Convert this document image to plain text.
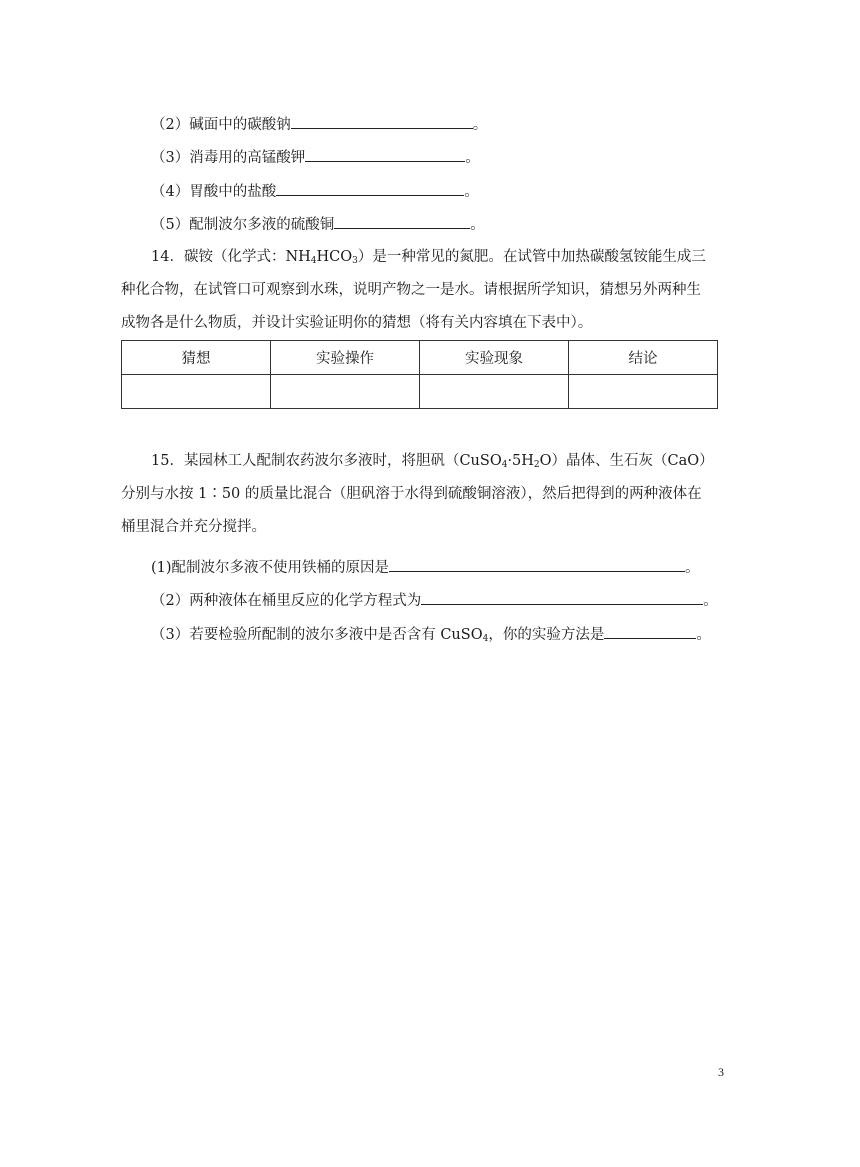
（2）碱面中的碳酸钠	。
（3）消毒用的高锰酸钾	。
（4）胃酸中的盐酸	。
（5）配制波尔多液的硫酸铜	。
14．碳铵（化学式：$NH_4HCO_3$）是一种常见的氮肥。在试管中加热碳酸氢铵能生成三
种化合物，在试管口可观察到水珠，说明产物之一是水。请根据所学知识，猜想另外两种生
成物各是什么物质，并设计实验证明你的猜想（将有关内容填在下表中）。
猜想	实验操作	实验现象	结论

15．某园林工人配制农药波尔多液时，将胆矾$(CuSO_4\cdot 5H_2O)$晶体、生石灰（CaO）
分别与水按 1∶50 的质量比混合（胆矾溶于水得到硫酸铜溶液），然后把得到的两种液体在
桶里混合并充分搅拌。
(1)配制波尔多液不使用铁桶的原因是	。
（2）两种液体在桶里反应的化学方程式为	。
（3）若要检验所配制的波尔多液中是否含有 CuSO$_4$，你的实验方法是	。
3
